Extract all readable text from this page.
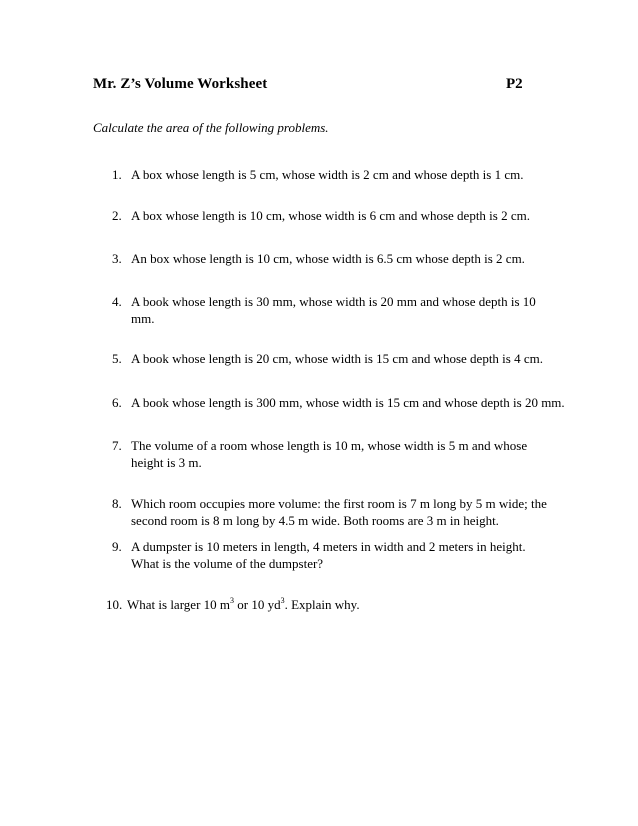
Mr. Z’s Volume Worksheet	P2
Calculate the area of the following problems.
1. A box whose length is 5 cm, whose width is 2 cm and whose depth is 1 cm.
2. A box whose length is 10 cm, whose width is 6 cm and whose depth is 2 cm.
3. An box whose length is 10 cm, whose width is 6.5 cm whose depth is 2 cm.
4. A book whose length is 30 mm, whose width is 20 mm and whose depth is 10
mm.
5. A book whose length is 20 cm, whose width is 15 cm and whose depth is 4 cm.
6. A book whose length is 300 mm, whose width is 15 cm and whose depth is 20 mm.
7. The volume of a room whose length is 10 m, whose width is 5 m and whose
height is 3 m.
8. Which room occupies more volume: the first room is 7 m long by 5 m wide; the
second room is 8 m long by 4.5 m wide. Both rooms are 3 m in height.
9. A dumpster is 10 meters in length, 4 meters in width and 2 meters in height.
What is the volume of the dumpster?
10. What is larger 10 $m^3$ or 10 $yd^3$. Explain why.
